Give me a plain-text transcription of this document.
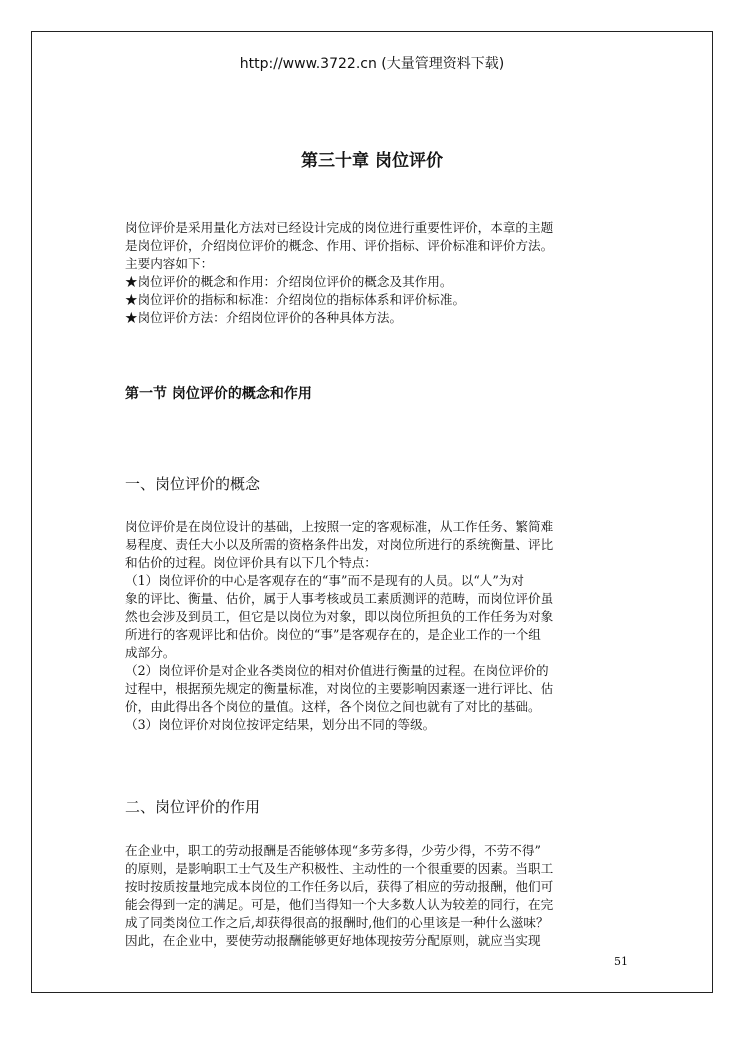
http://www.3722.cn (大量管理资料下载)
第三十章 岗位评价

岗位评价是采用量化方法对已经设计完成的岗位进行重要性评价，本章的主题

是岗位评价，介绍岗位评价的概念、作用、评价指标、评价标准和评价方法。

主要内容如下：

★岗位评价的概念和作用：介绍岗位评价的概念及其作用。

★岗位评价的指标和标准：介绍岗位的指标体系和评价标准。

★岗位评价方法：介绍岗位评价的各种具体方法。

第一节 岗位评价的概念和作用
一、岗位评价的概念

岗位评价是在岗位设计的基础，上按照一定的客观标准，从工作任务、繁简难

易程度、责任大小以及所需的资格条件出发，对岗位所进行的系统衡量、评比

和估价的过程。岗位评价具有以下几个特点：

（1）岗位评价的中心是客观存在的“事”而不是现有的人员。以“人”为对

象的评比、衡量、估价，属于人事考核或员工素质测评的范畴，而岗位评价虽

然也会涉及到员工，但它是以岗位为对象，即以岗位所担负的工作任务为对象

所进行的客观评比和估价。岗位的“事”是客观存在的，是企业工作的一个组

成部分。

（2）岗位评价是对企业各类岗位的相对价值进行衡量的过程。在岗位评价的

过程中，根据预先规定的衡量标准，对岗位的主要影响因素逐一进行评比、估

价，由此得出各个岗位的量值。这样，各个岗位之间也就有了对比的基础。

（3）岗位评价对岗位按评定结果，划分出不同的等级。

二、岗位评价的作用

在企业中，职工的劳动报酬是否能够体现“多劳多得，少劳少得，不劳不得”

的原则，是影响职工士气及生产积极性、主动性的一个很重要的因素。当职工

按时按质按量地完成本岗位的工作任务以后，获得了相应的劳动报酬，他们可

能会得到一定的满足。可是，他们当得知一个大多数人认为较差的同行，在完

成了同类岗位工作之后,却获得很高的报酬时,他们的心里该是一种什么滋味？

因此，在企业中，要使劳动报酬能够更好地体现按劳分配原则，就应当实现

51
